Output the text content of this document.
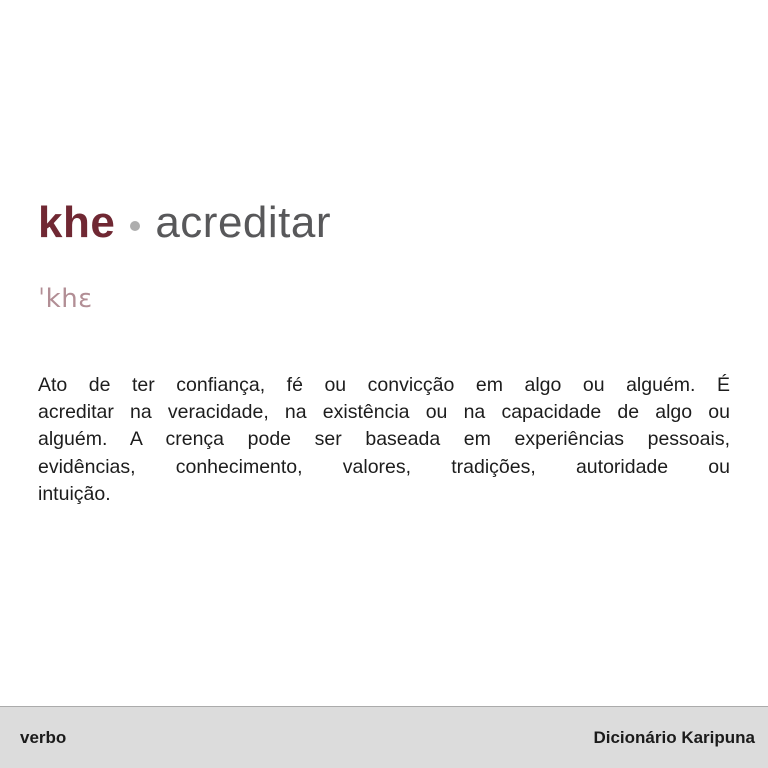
khe acreditar
ˈkhɛ
Ato de ter confiança, fé ou convicção em algo ou alguém. É
acreditar na veracidade, na existência ou na capacidade de algo ou
alguém. A crença pode ser baseada em experiências pessoais,
evidências, conhecimento, valores, tradições, autoridade ou
intuição.
verbo	Dicionário Karipuna
